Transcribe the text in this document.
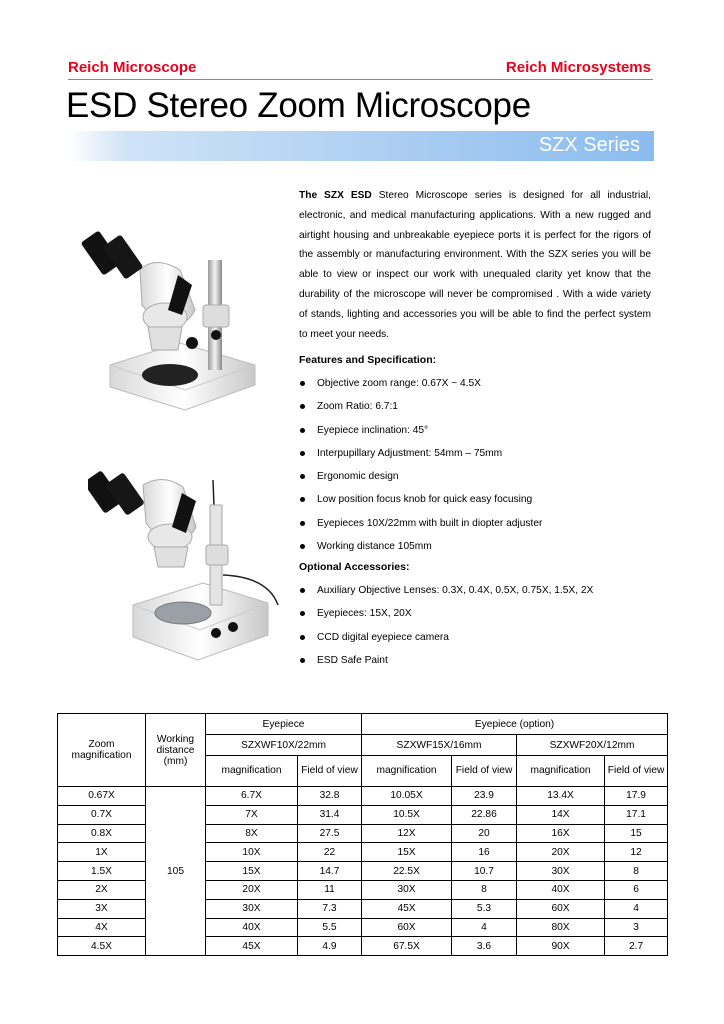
Reich Microscope	Reich Microsystems
ESD Stereo Zoom Microscope
SZX Series
The SZX ESD Stereo Microscope series is designed for all industrial, electronic, and medical manufacturing applications. With a new rugged and airtight housing and unbreakable eyepiece ports it is perfect for the rigors of the assembly or manufacturing environment. With the SZX series you will be able to view or inspect our work with unequaled clarity yet know that the durability of the microscope will never be compromised . With a wide variety of stands, lighting and accessories you will be able to find the perfect system to meet your needs.
Features and Specification:
Objective zoom range: 0.67X ~ 4.5X
Zoom Ratio: 6.7:1
Eyepiece inclination: 45°
Interpupillary Adjustment: 54mm – 75mm
Ergonomic design
Low position focus knob for quick easy focusing
Eyepieces 10X/22mm with built in diopter adjuster
Working distance 105mm
Optional Accessories:
Auxiliary Objective Lenses: 0.3X, 0.4X, 0.5X, 0.75X, 1.5X, 2X
Eyepieces: 15X, 20X
CCD digital eyepiece camera
ESD Safe Paint
Zoom magnification	Working distance (mm)	Eyepiece		Eyepiece (option)			
		SZXWF10X/22mm		SZXWF15X/16mm		SZXWF20X/12mm	
		magnification	Field of view	magnification	Field of view	magnification	Field of view
0.67X		6.7X	32.8	10.05X	23.9	13.4X	17.9
0.7X		7X	31.4	10.5X	22.86	14X	17.1
0.8X		8X	27.5	12X	20	16X	15
1X		10X	22	15X	16	20X	12
1.5X	105	15X	14.7	22.5X	10.7	30X	8
2X		20X	11	30X	8	40X	6
3X		30X	7.3	45X	5.3	60X	4
4X		40X	5.5	60X	4	80X	3
4.5X		45X	4.9	67.5X	3.6	90X	2.7
